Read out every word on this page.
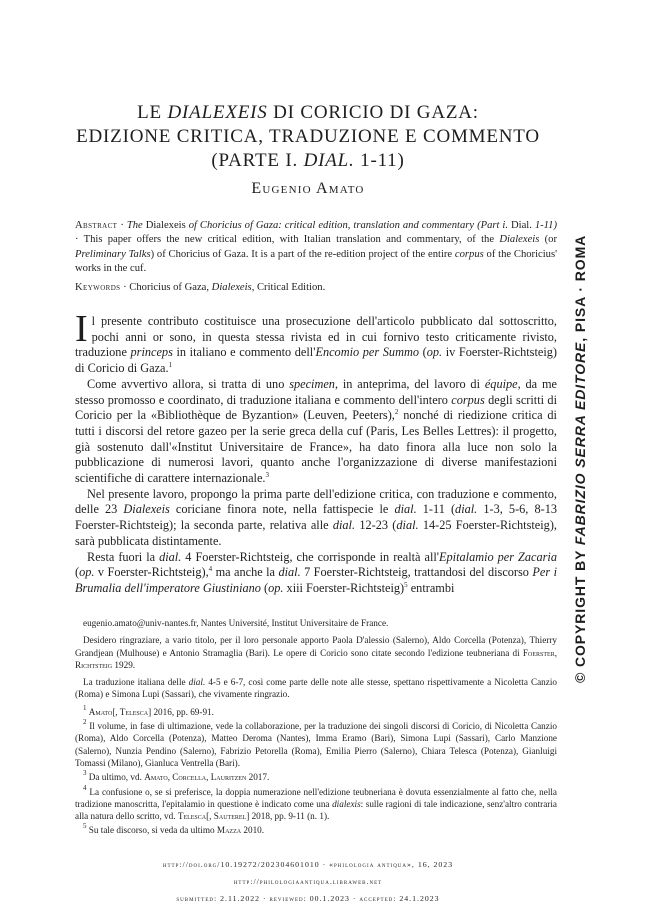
LE DIALEXEIS DI CORICIO DI GAZA:
EDIZIONE CRITICA, TRADUZIONE E COMMENTO
(PARTE I. DIAL. 1-11)
Eugenio Amato
Abstract · The Dialexeis of Choricius of Gaza: critical edition, translation and commentary (Part i. Dial. 1-11) · This paper offers the new critical edition, with Italian translation and commentary, of the Dialexeis (or Preliminary Talks) of Choricius of Gaza. It is a part of the re-edition project of the entire corpus of the Choricius' works in the cuf.
Keywords · Choricius of Gaza, Dialexeis, Critical Edition.

Il presente contributo costituisce una prosecuzione dell'articolo pubblicato dal sottoscritto, pochi anni or sono, in questa stessa rivista ed in cui fornivo testo criticamente rivisto, traduzione princeps in italiano e commento dell'Encomio per Summo (op. iv Foerster-Richtsteig) di Coricio di Gaza.$^1$

Come avvertivo allora, si tratta di uno specimen, in anteprima, del lavoro di équipe, da me stesso promosso e coordinato, di traduzione italiana e commento dell'intero corpus degli scritti di Coricio per la «Bibliothèque de Byzantion» (Leuven, Peeters),$^2$ nonché di riedizione critica di tutti i discorsi del retore gazeo per la serie greca della cuf (Paris, Les Belles Lettres): il progetto, già sostenuto dall'«Institut Universitaire de France», ha dato finora alla luce non solo la pubblicazione di numerosi lavori, quanto anche l'organizzazione di diverse manifestazioni scientifiche di carattere internazionale.$^3$

Nel presente lavoro, propongo la prima parte dell'edizione critica, con traduzione e commento, delle 23 Dialexeis coriciane finora note, nella fattispecie le dial. 1-11 (dial. 1-3, 5-6, 8-13 Foerster-Richtsteig); la seconda parte, relativa alle dial. 12-23 (dial. 14-25 Foerster-Richtsteig), sarà pubblicata distintamente.

Resta fuori la dial. 4 Foerster-Richtsteig, che corrisponde in realtà all'Epitalamio per Zacaria (op. v Foerster-Richtsteig),$^4$ ma anche la dial. 7 Foerster-Richtsteig, trattandosi del discorso Per i Brumalia dell'imperatore Giustiniano (op. xiii Foerster-Richtsteig)$^5$ entrambi

eugenio.amato@univ-nantes.fr, Nantes Université, Institut Universitaire de France.

Desidero ringraziare, a vario titolo, per il loro personale apporto Paola D'alessio (Salerno), Aldo Corcella (Potenza), Thierry Grandjean (Mulhouse) e Antonio Stramaglia (Bari). Le opere di Coricio sono citate secondo l'edizione teubneriana di Foerster, Richtsteig 1929.

La traduzione italiana delle dial. 4-5 e 6-7, così come parte delle note alle stesse, spettano rispettivamente a Nicoletta Canzio (Roma) e Simona Lupi (Sassari), che vivamente ringrazio.

$^1$ Amato[, Telesca] 2016, pp. 69-91.

$^2$ Il volume, in fase di ultimazione, vede la collaborazione, per la traduzione dei singoli discorsi di Coricio, di Nicoletta Canzio (Roma), Aldo Corcella (Potenza), Matteo Deroma (Nantes), Imma Eramo (Bari), Simona Lupi (Sassari), Carlo Manzione (Salerno), Nunzia Pendino (Salerno), Fabrizio Petorella (Roma), Emilia Pierro (Salerno), Chiara Telesca (Potenza), Gianluigi Tomassi (Milano), Gianluca Ventrella (Bari).

$^3$ Da ultimo, vd. Amato, Corcella, Lauritzen 2017.

$^4$ La confusione o, se si preferisce, la doppia numerazione nell'edizione teubneriana è dovuta essenzialmente al fatto che, nella tradizione manoscritta, l'epitalamio in questione è indicato come una dialexis: sulle ragioni di tale indicazione, senz'altro contraria alla natura dello scritto, vd. Telesca[, Sauterel] 2018, pp. 9-11 (n. 1).

$^5$ Su tale discorso, si veda da ultimo Mazza 2010.

http://doi.org/10.19272/202304601010 · «philologia antiqua», 16, 2023
http://philologiaantiqua.libraweb.net
submitted: 2.11.2022 · reviewed: 00.1.2023 · accepted: 24.1.2023
© COPYRIGHT BY FABRIZIO SERRA EDITORE, PISA · ROMA
